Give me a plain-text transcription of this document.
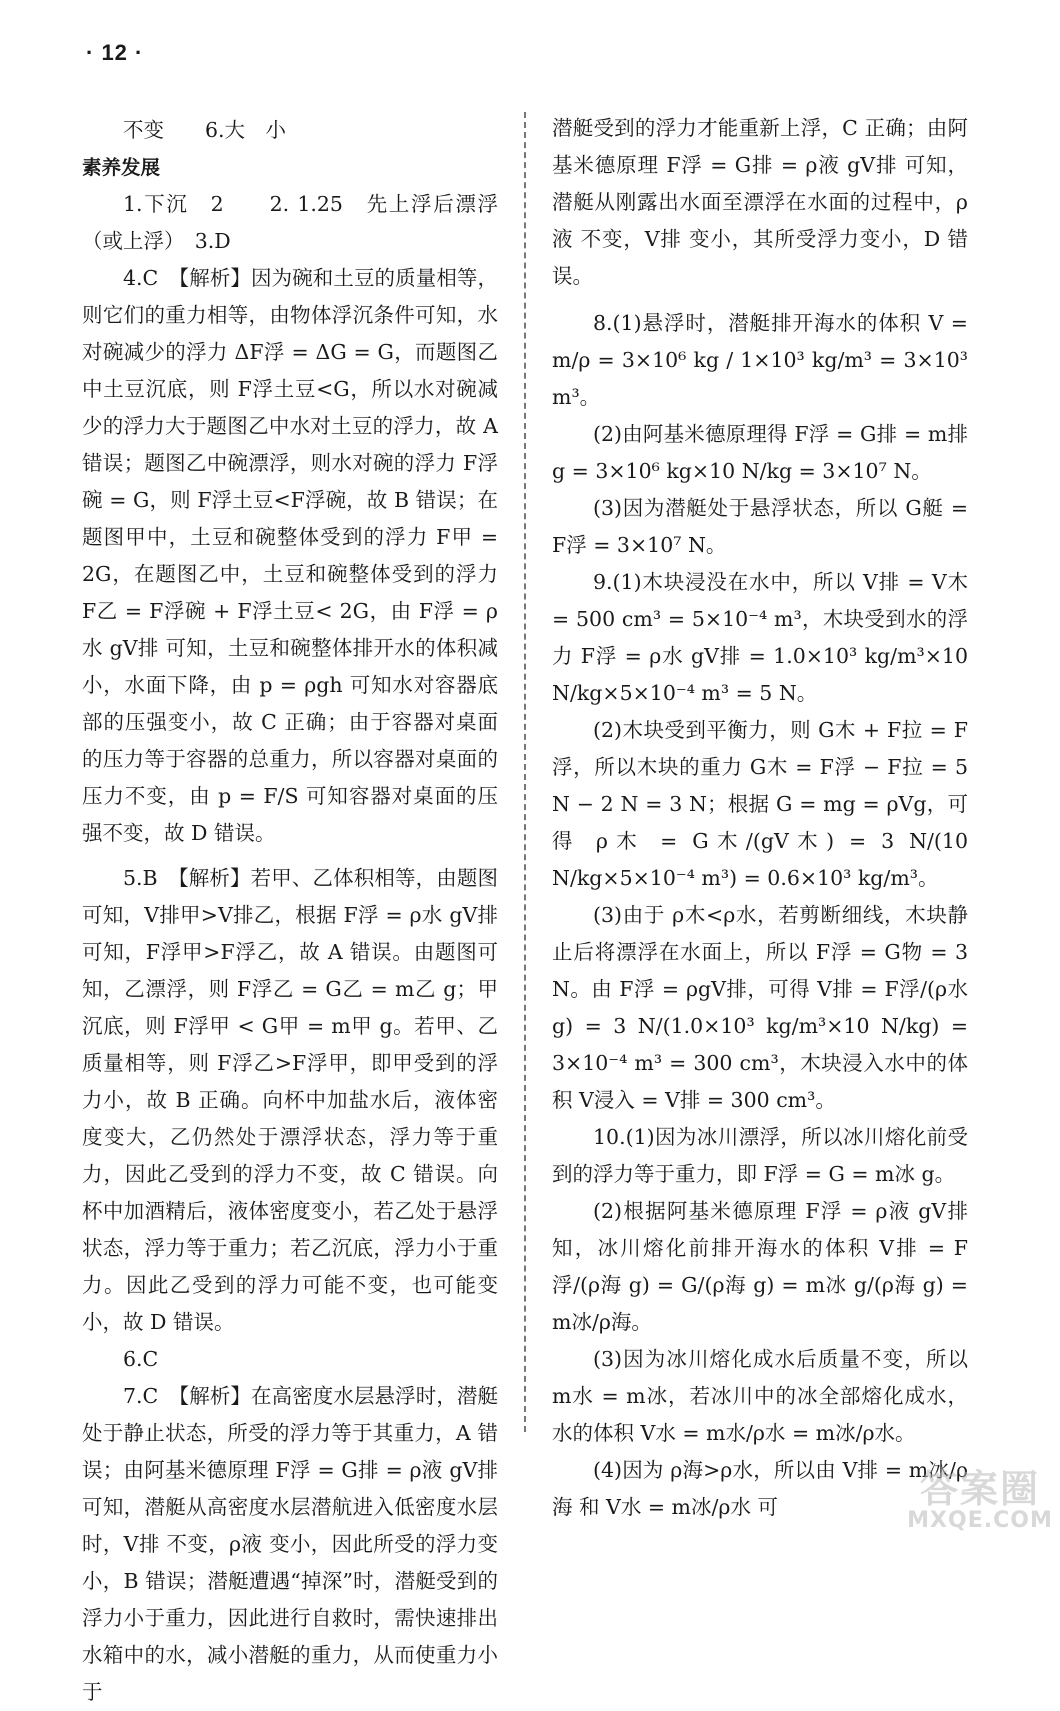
· 12 ·

不变　　6.大　小

素养发展

1.下沉　2　　2. 1.25　先上浮后漂浮（或上浮）　3.D

4.C　【解析】因为碗和土豆的质量相等，则它们的重力相等，由物体浮沉条件可知，水对碗减少的浮力 ΔF浮 = ΔG = G，而题图乙中土豆沉底，则 F浮土豆<G，所以水对碗减少的浮力大于题图乙中水对土豆的浮力，故 A 错误；题图乙中碗漂浮，则水对碗的浮力 F浮碗 = G，则 F浮土豆<F浮碗，故 B 错误；在题图甲中，土豆和碗整体受到的浮力 F甲 = 2G，在题图乙中，土豆和碗整体受到的浮力 F乙 = F浮碗 + F浮土豆< 2G，由 F浮 = ρ水 gV排 可知，土豆和碗整体排开水的体积减小，水面下降，由 p = ρgh 可知水对容器底部的压强变小，故 C 正确；由于容器对桌面的压力等于容器的总重力，所以容器对桌面的压力不变，由 p = F/S 可知容器对桌面的压强不变，故 D 错误。

5.B　【解析】若甲、乙体积相等，由题图可知，V排甲>V排乙，根据 F浮 = ρ水 gV排 可知，F浮甲>F浮乙，故 A 错误。由题图可知，乙漂浮，则 F浮乙 = G乙 = m乙 g；甲沉底，则 F浮甲 < G甲 = m甲 g。若甲、乙质量相等，则 F浮乙>F浮甲，即甲受到的浮力小，故 B 正确。向杯中加盐水后，液体密度变大，乙仍然处于漂浮状态，浮力等于重力，因此乙受到的浮力不变，故 C 错误。向杯中加酒精后，液体密度变小，若乙处于悬浮状态，浮力等于重力；若乙沉底，浮力小于重力。因此乙受到的浮力可能不变，也可能变小，故 D 错误。

6.C

7.C　【解析】在高密度水层悬浮时，潜艇处于静止状态，所受的浮力等于其重力，A 错误；由阿基米德原理 F浮 = G排 = ρ液 gV排 可知，潜艇从高密度水层潜航进入低密度水层时，V排 不变，ρ液 变小，因此所受的浮力变小，B 错误；潜艇遭遇“掉深”时，潜艇受到的浮力小于重力，因此进行自救时，需快速排出水箱中的水，减小潜艇的重力，从而使重力小于

潜艇受到的浮力才能重新上浮，C 正确；由阿基米德原理 F浮 = G排 = ρ液 gV排 可知，潜艇从刚露出水面至漂浮在水面的过程中，ρ液 不变，V排 变小，其所受浮力变小，D 错误。

8.(1)悬浮时，潜艇排开海水的体积 V = m/ρ = 3×10⁶ kg / 1×10³ kg/m³ = 3×10³ m³。

(2)由阿基米德原理得 F浮 = G排 = m排 g = 3×10⁶ kg×10 N/kg = 3×10⁷ N。

(3)因为潜艇处于悬浮状态，所以 G艇 = F浮 = 3×10⁷ N。

9.(1)木块浸没在水中，所以 V排 = V木 = 500 cm³ = 5×10⁻⁴ m³，木块受到水的浮力 F浮 = ρ水 gV排 = 1.0×10³ kg/m³×10 N/kg×5×10⁻⁴ m³ = 5 N。

(2)木块受到平衡力，则 G木 + F拉 = F浮，所以木块的重力 G木 = F浮 − F拉 = 5 N − 2 N = 3 N；根据 G = mg = ρVg，可得 ρ木 = G木/(gV木) = 3 N/(10 N/kg×5×10⁻⁴ m³) = 0.6×10³ kg/m³。

(3)由于 ρ木<ρ水，若剪断细线，木块静止后将漂浮在水面上，所以 F浮 = G物 = 3 N。由 F浮 = ρgV排，可得 V排 = F浮/(ρ水 g) = 3 N/(1.0×10³ kg/m³×10 N/kg) = 3×10⁻⁴ m³ = 300 cm³，木块浸入水中的体积 V浸入 = V排 = 300 cm³。

10.(1)因为冰川漂浮，所以冰川熔化前受到的浮力等于重力，即 F浮 = G = m冰 g。

(2)根据阿基米德原理 F浮 = ρ液 gV排 知，冰川熔化前排开海水的体积 V排 = F浮/(ρ海 g) = G/(ρ海 g) = m冰 g/(ρ海 g) = m冰/ρ海。

(3)因为冰川熔化成水后质量不变，所以 m水 = m冰，若冰川中的冰全部熔化成水，水的体积 V水 = m水/ρ水 = m冰/ρ水。

(4)因为 ρ海>ρ水，所以由 V排 = m冰/ρ海 和 V水 = m冰/ρ水 可	答案圈
MXQE.COM
